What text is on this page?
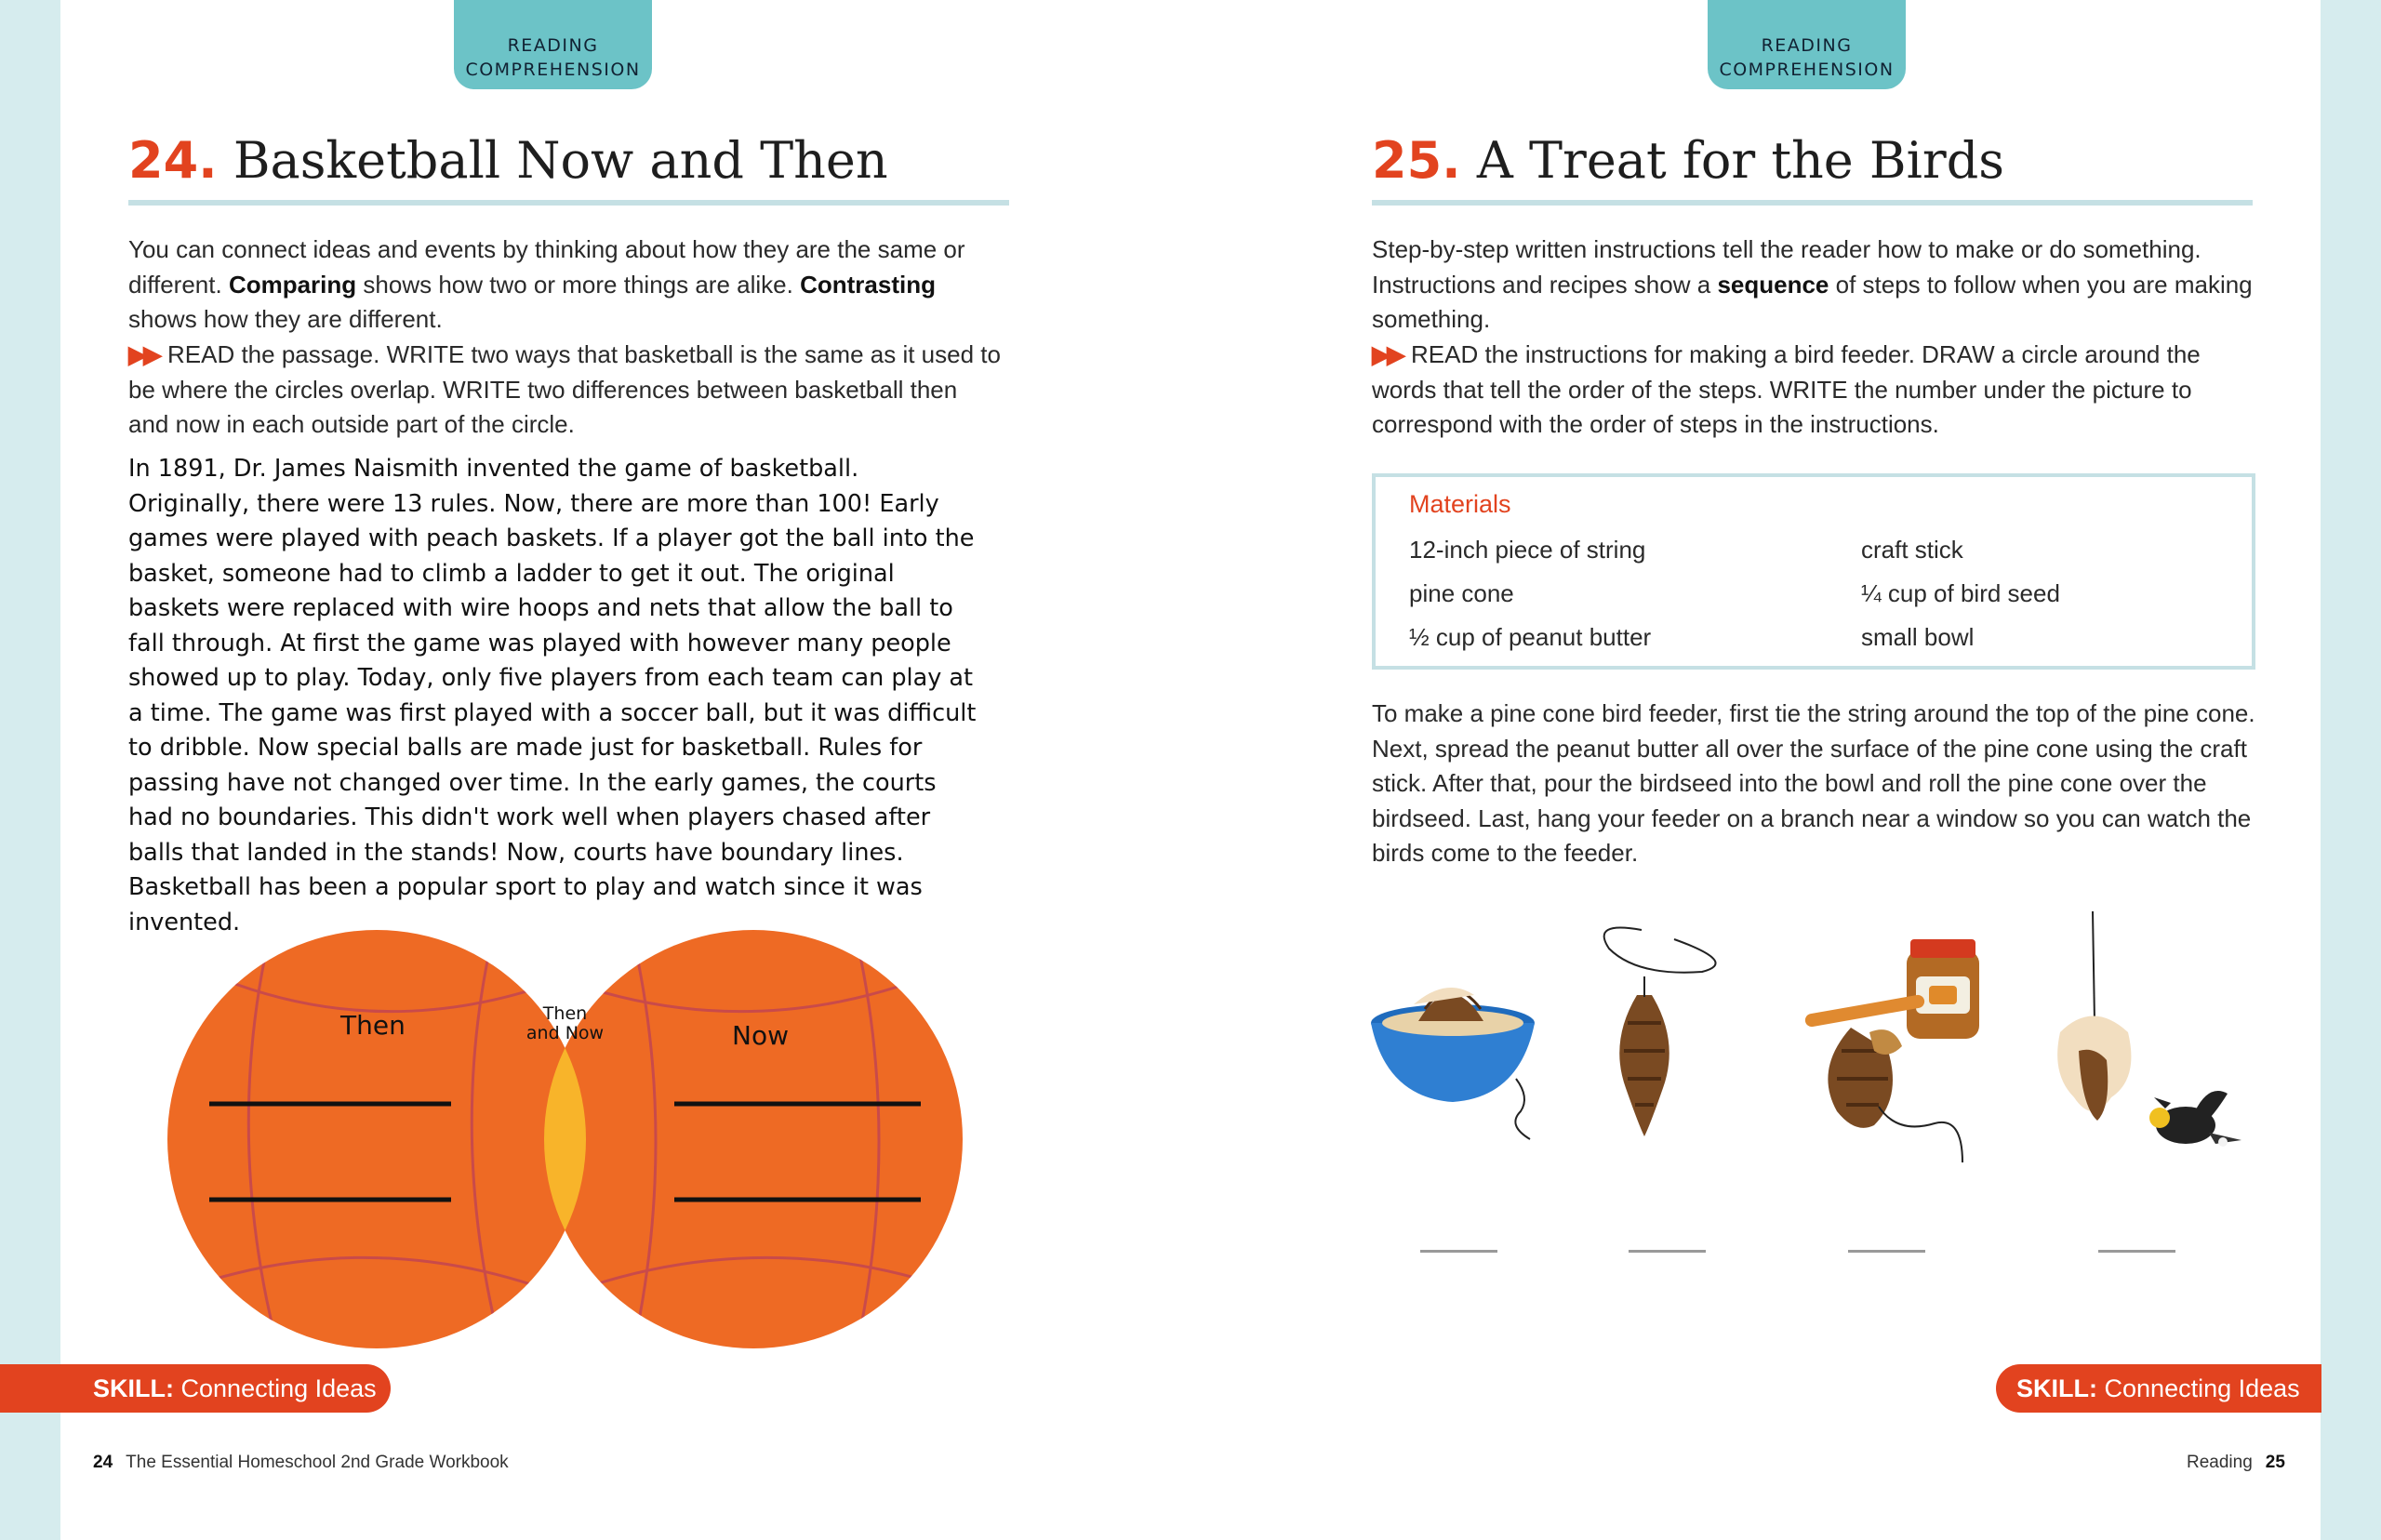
READING
COMPREHENSION
24. Basketball Now and Then
You can connect ideas and events by thinking about how they are the same or different. Comparing shows how two or more things are alike. Contrasting shows how they are different.
▶▶ READ the passage. WRITE two ways that basketball is the same as it used to be where the circles overlap. WRITE two differences between basketball then and now in each outside part of the circle.
In 1891, Dr. James Naismith invented the game of basketball. Originally, there were 13 rules. Now, there are more than 100! Early games were played with peach baskets. If a player got the ball into the basket, someone had to climb a ladder to get it out. The original baskets were replaced with wire hoops and nets that allow the ball to fall through. At first the game was played with however many people showed up to play. Today, only five players from each team can play at a time. The game was first played with a soccer ball, but it was difficult to dribble. Now special balls are made just for basketball. Rules for passing have not changed over time. In the early games, the courts had no boundaries. This didn't work well when players chased after balls that landed in the stands! Now, courts have boundary lines. Basketball has been a popular sport to play and watch since it was invented.
Then	Then
and Now	Now
SKILL: Connecting Ideas
24 The Essential Homeschool 2nd Grade Workbook
READING
COMPREHENSION
25. A Treat for the Birds
Step-by-step written instructions tell the reader how to make or do something. Instructions and recipes show a sequence of steps to follow when you are making something.
▶▶ READ the instructions for making a bird feeder. DRAW a circle around the words that tell the order of the steps. WRITE the number under the picture to correspond with the order of steps in the instructions.
Materials
12-inch piece of string
pine cone
½ cup of peanut butter
craft stick
¼ cup of bird seed
small bowl
To make a pine cone bird feeder, first tie the string around the top of the pine cone. Next, spread the peanut butter all over the surface of the pine cone using the craft stick. After that, pour the birdseed into the bowl and roll the pine cone over the birdseed. Last, hang your feeder on a branch near a window so you can watch the birds come to the feeder.
SKILL: Connecting Ideas
Reading 25
